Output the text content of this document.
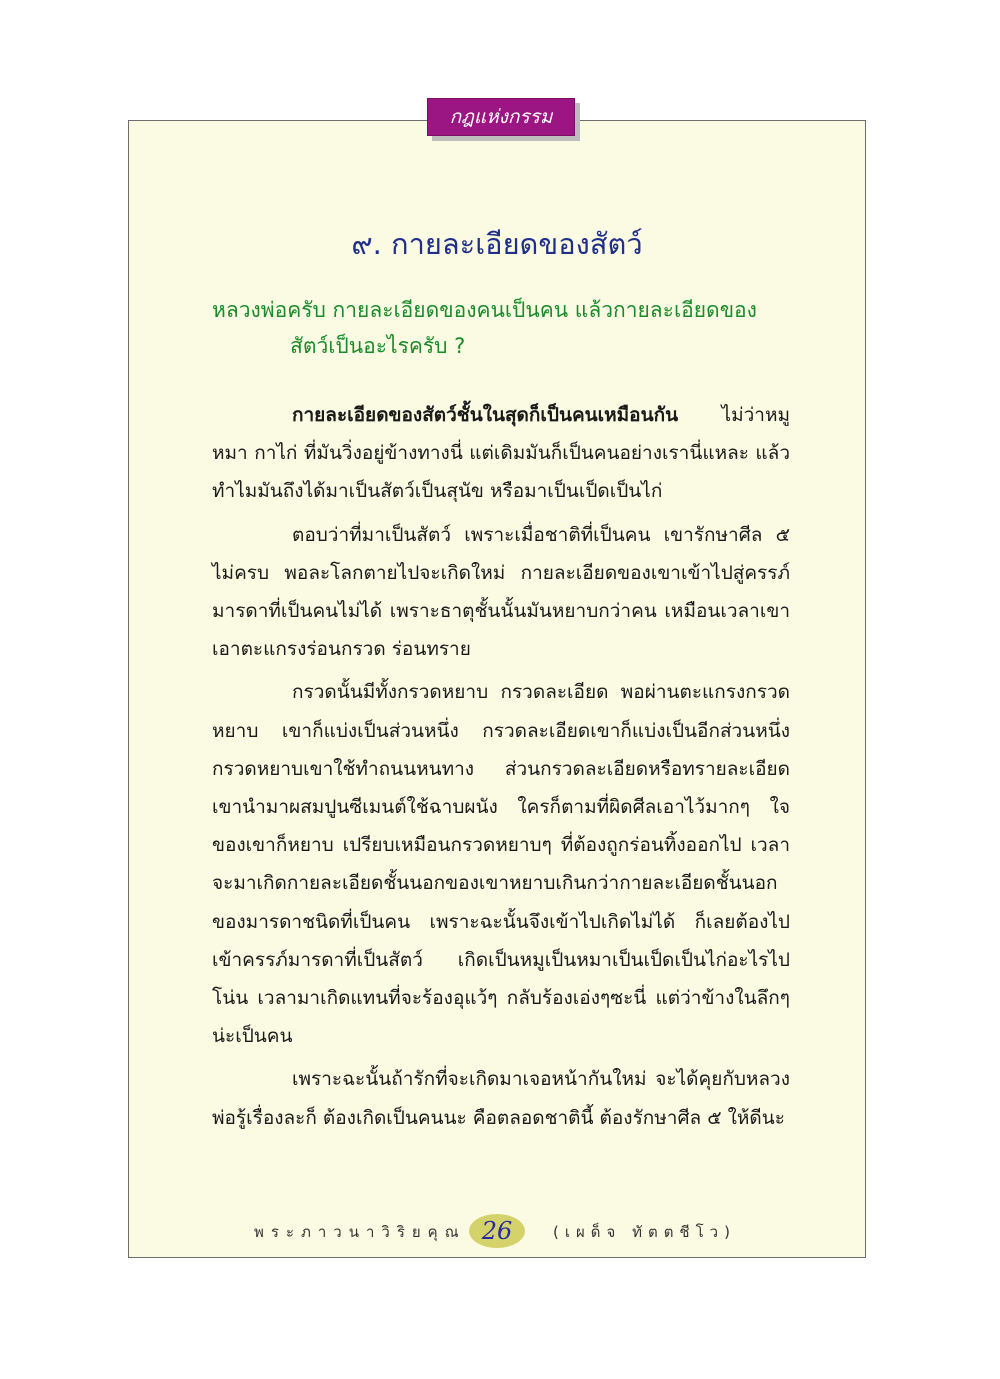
กฎแห่งกรรม
๙. กายละเอียดของสัตว์

หลวงพ่อครับ กายละเอียดของคนเป็นคน แล้วกายละเอียดของ
สัตว์เป็นอะไรครับ ?

กายละเอียดของสัตว์ชั้นในสุดก็เป็นคนเหมือนกัน ไม่ว่าหมู หมา กาไก่ ที่มันวิ่งอยู่ข้างทางนี่ แต่เดิมมันก็เป็นคนอย่างเรานี่แหละ แล้วทำไมมันถึงได้มาเป็นสัตว์เป็นสุนัข หรือมาเป็นเป็ดเป็นไก่

ตอบว่าที่มาเป็นสัตว์ เพราะเมื่อชาติที่เป็นคน เขารักษาศีล ๕ ไม่ครบ พอละโลกตายไปจะเกิดใหม่ กายละเอียดของเขาเข้าไปสู่ครรภ์มารดาที่เป็นคนไม่ได้ เพราะธาตุชั้นนั้นมันหยาบกว่าคน เหมือนเวลาเขาเอาตะแกรงร่อนกรวด ร่อนทราย

กรวดนั้นมีทั้งกรวดหยาบ กรวดละเอียด พอผ่านตะแกรงกรวดหยาบ เขาก็แบ่งเป็นส่วนหนึ่ง กรวดละเอียดเขาก็แบ่งเป็นอีกส่วนหนึ่ง กรวดหยาบเขาใช้ทำถนนหนทาง ส่วนกรวดละเอียดหรือทรายละเอียด เขานำมาผสมปูนซีเมนต์ใช้ฉาบผนัง ใครก็ตามที่ผิดศีลเอาไว้มากๆ ใจของเขาก็หยาบ เปรียบเหมือนกรวดหยาบๆ ที่ต้องถูกร่อนทิ้งออกไป เวลาจะมาเกิดกายละเอียดชั้นนอกของเขาหยาบเกินกว่ากายละเอียดชั้นนอกของมารดาชนิดที่เป็นคน เพราะฉะนั้นจึงเข้าไปเกิดไม่ได้ ก็เลยต้องไปเข้าครรภ์มารดาที่เป็นสัตว์ เกิดเป็นหมูเป็นหมาเป็นเป็ดเป็นไก่อะไรไปโน่น เวลามาเกิดแทนที่จะร้องอุแว้ๆ กลับร้องเอ่งๆซะนี่ แต่ว่าข้างในลึกๆ น่ะเป็นคน

เพราะฉะนั้นถ้ารักที่จะเกิดมาเจอหน้ากันใหม่ จะได้คุยกับหลวงพ่อรู้เรื่องละก็ ต้องเกิดเป็นคนนะ คือตลอดชาตินี้ ต้องรักษาศีล ๕ ให้ดีนะ

พระภาวนาวิริยคุณ 26	(เผด็จ ทัตตชีโว)
